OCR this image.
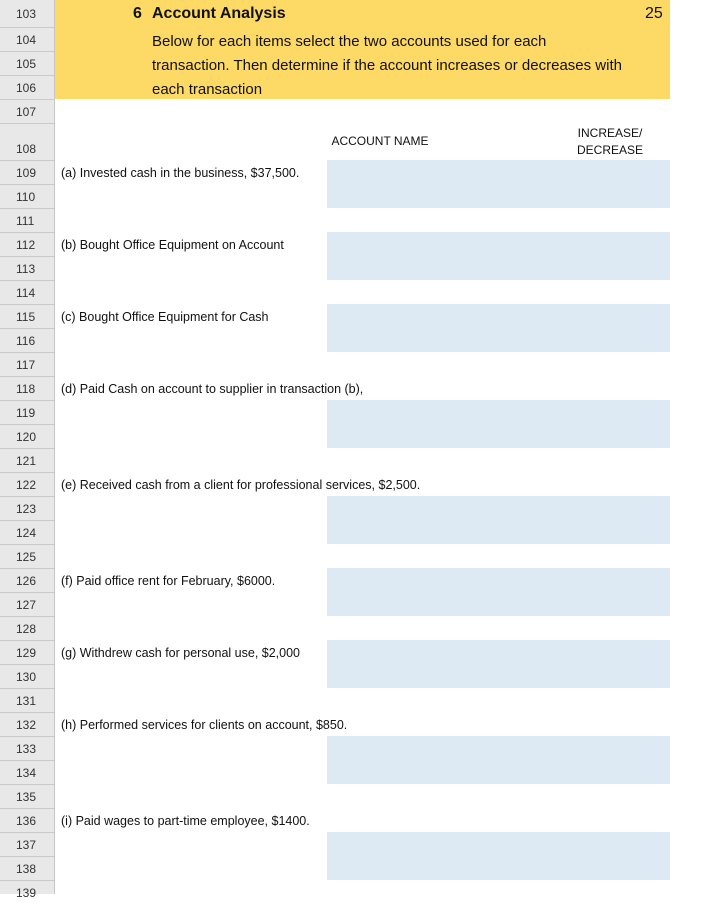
103
104
105
106
107
108
109
110
111
112
113
114
115
116
117
118
119
120
121
122
123
124
125
126
127
128
129
130
131
132
133
134
135
136
137
138
139
6 Account Analysis
Below for each items select the two accounts used for each transaction. Then determine if the account increases or decreases with each transaction
25
ACCOUNT NAME
INCREASE/
DECREASE
(a) Invested cash in the business, $37,500.
(b) Bought Office Equipment on Account
(c) Bought Office Equipment for Cash
(d) Paid Cash on account to supplier in transaction (b),
(e) Received cash from a client for professional services, $2,500.
(f) Paid office rent for February, $6000.
(g) Withdrew cash for personal use, $2,000
(h) Performed services for clients on account, $850.
(i) Paid wages to part-time employee, $1400.
